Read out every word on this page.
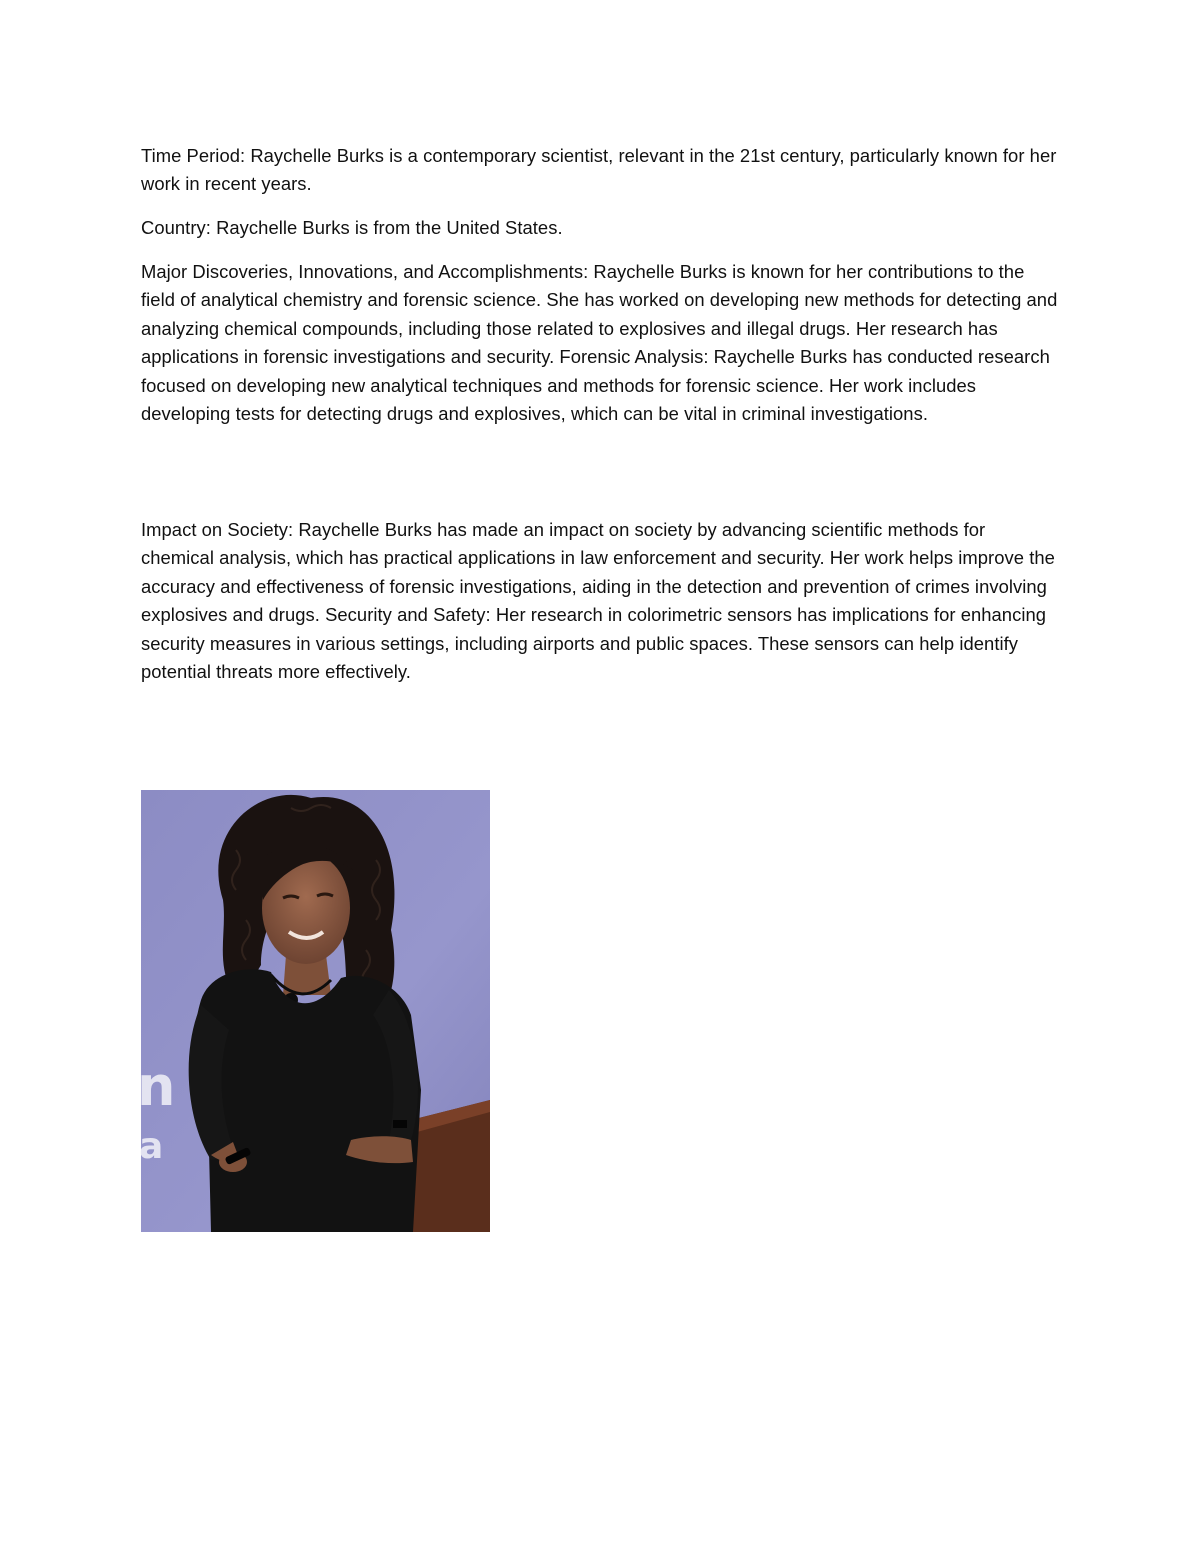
Time Period: Raychelle Burks is a contemporary scientist, relevant in the 21st century, particularly known for her work in recent years.

Country: Raychelle Burks is from the United States.

Major Discoveries, Innovations, and Accomplishments: Raychelle Burks is known for her contributions to the field of analytical chemistry and forensic science. She has worked on developing new methods for detecting and analyzing chemical compounds, including those related to explosives and illegal drugs. Her research has applications in forensic investigations and security. Forensic Analysis: Raychelle Burks has conducted research focused on developing new analytical techniques and methods for forensic science. Her work includes developing tests for detecting drugs and explosives, which can be vital in criminal investigations.

Impact on Society: Raychelle Burks has made an impact on society by advancing scientific methods for chemical analysis, which has practical applications in law enforcement and security. Her work helps improve the accuracy and effectiveness of forensic investigations, aiding in the detection and prevention of crimes involving explosives and drugs. Security and Safety: Her research in colorimetric sensors has implications for enhancing security measures in various settings, including airports and public spaces. These sensors can help identify potential threats more effectively.

n
a
